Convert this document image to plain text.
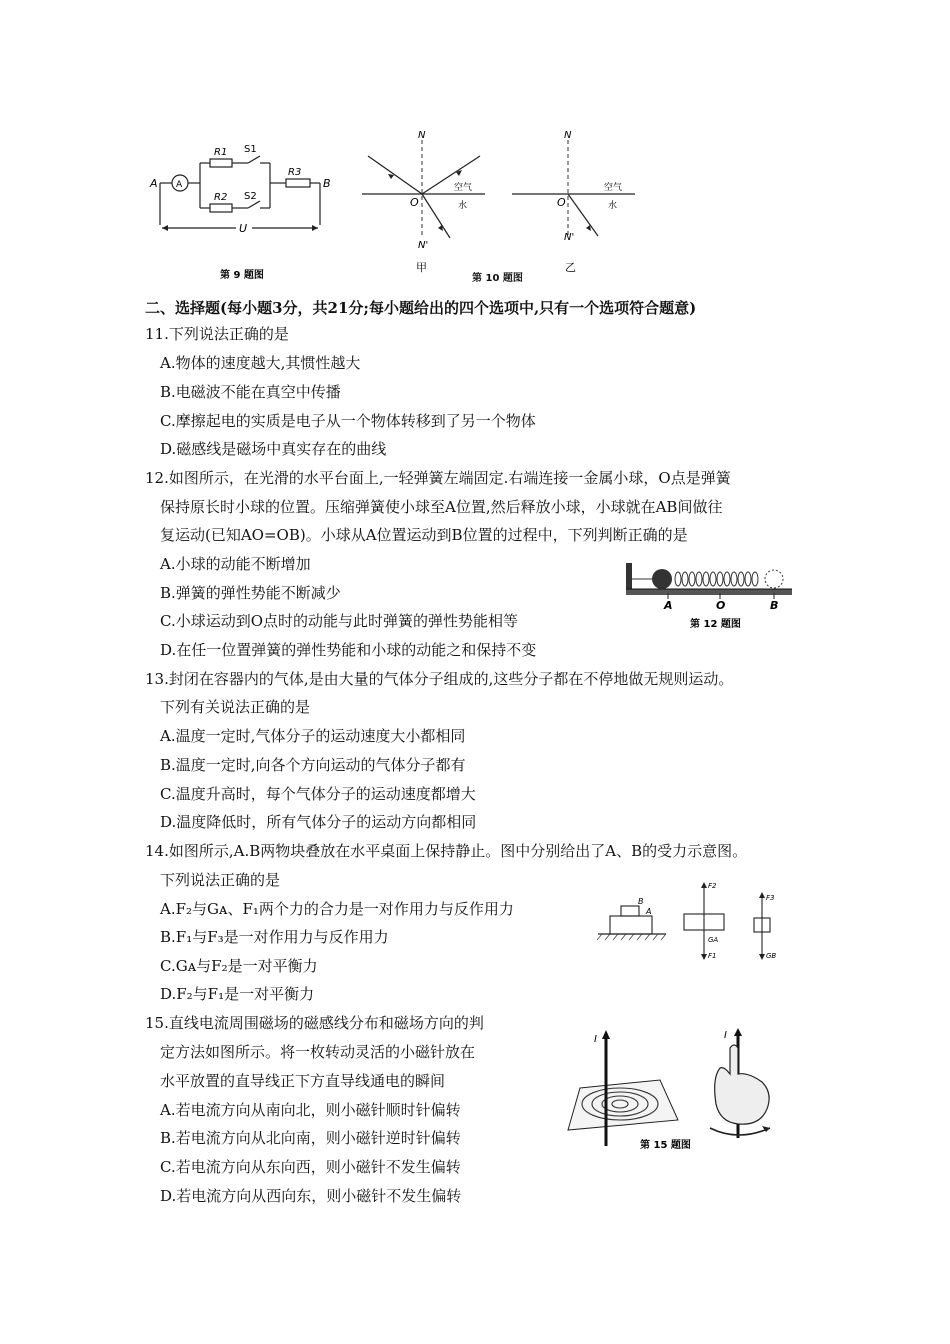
A A	B
R1
R2
R3
S1
S2
U
第 9 题图
N
N'
O
空气
水
甲
第 10 题图
N
N'
O
空气
水
乙
二、选择题(每小题3分，共21分;每小题给出的四个选项中,只有一个选项符合题意)
11.下列说法正确的是
A.物体的速度越大,其惯性越大
B.电磁波不能在真空中传播
C.摩擦起电的实质是电子从一个物体转移到了另一个物体
D.磁感线是磁场中真实存在的曲线
12.如图所示，在光滑的水平台面上,一轻弹簧左端固定.右端连接一金属小球，O点是弹簧
保持原长时小球的位置。压缩弹簧使小球至A位置,然后释放小球，小球就在AB间做往
复运动(已知AO=OB)。小球从A位置运动到B位置的过程中，下列判断正确的是
A.小球的动能不断增加
B.弹簧的弹性势能不断减少
C.小球运动到O点时的动能与此时弹簧的弹性势能相等
D.在任一位置弹簧的弹性势能和小球的动能之和保持不变
A	O	B
第 12 题图
13.封闭在容器内的气体,是由大量的气体分子组成的,这些分子都在不停地做无规则运动。
下列有关说法正确的是
A.温度一定时,气体分子的运动速度大小都相同
B.温度一定时,向各个方向运动的气体分子都有
C.温度升高时，每个气体分子的运动速度都增大
D.温度降低时，所有气体分子的运动方向都相同
14.如图所示,A.B两物块叠放在水平桌面上保持静止。图中分别给出了A、B的受力示意图。
下列说法正确的是
A.F₂与Gᴀ、F₁两个力的合力是一对作用力与反作用力
B.F₁与F₃是一对作用力与反作用力
C.Gᴀ与F₂是一对平衡力
D.F₂与F₁是一对平衡力
B
A
F2
F1
GA
F3
GB
15.直线电流周围磁场的磁感线分布和磁场方向的判
定方法如图所示。将一枚转动灵活的小磁针放在
水平放置的直导线正下方直导线通电的瞬间
A.若电流方向从南向北，则小磁针顺时针偏转
B.若电流方向从北向南，则小磁针逆时针偏转
C.若电流方向从东向西，则小磁针不发生偏转
D.若电流方向从西向东，则小磁针不发生偏转
I
第 15 题图
I
